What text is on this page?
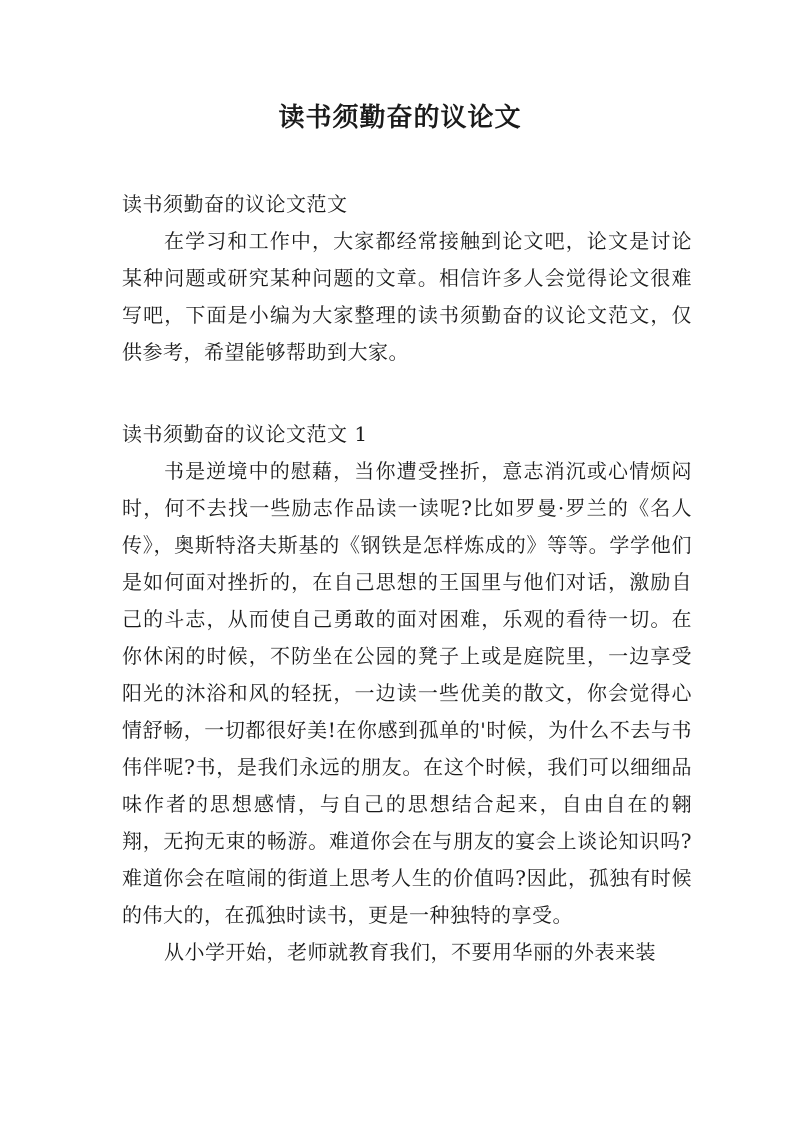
读书须勤奋的议论文

读书须勤奋的议论文范文

在学习和工作中，大家都经常接触到论文吧，论文是讨论某种问题或研究某种问题的文章。相信许多人会觉得论文很难写吧，下面是小编为大家整理的读书须勤奋的议论文范文，仅供参考，希望能够帮助到大家。

读书须勤奋的议论文范文 1

书是逆境中的慰藉，当你遭受挫折，意志消沉或心情烦闷时，何不去找一些励志作品读一读呢?比如罗曼·罗兰的《名人传》，奥斯特洛夫斯基的《钢铁是怎样炼成的》等等。学学他们是如何面对挫折的，在自己思想的王国里与他们对话，激励自己的斗志，从而使自己勇敢的面对困难，乐观的看待一切。在你休闲的时候，不防坐在公园的凳子上或是庭院里，一边享受阳光的沐浴和风的轻抚，一边读一些优美的散文，你会觉得心情舒畅，一切都很好美!在你感到孤单的'时候，为什么不去与书伟伴呢?书，是我们永远的朋友。在这个时候，我们可以细细品味作者的思想感情，与自己的思想结合起来，自由自在的翱翔，无拘无束的畅游。难道你会在与朋友的宴会上谈论知识吗?难道你会在喧闹的街道上思考人生的价值吗?因此，孤独有时候的伟大的，在孤独时读书，更是一种独特的享受。

从小学开始，老师就教育我们，不要用华丽的外表来装
